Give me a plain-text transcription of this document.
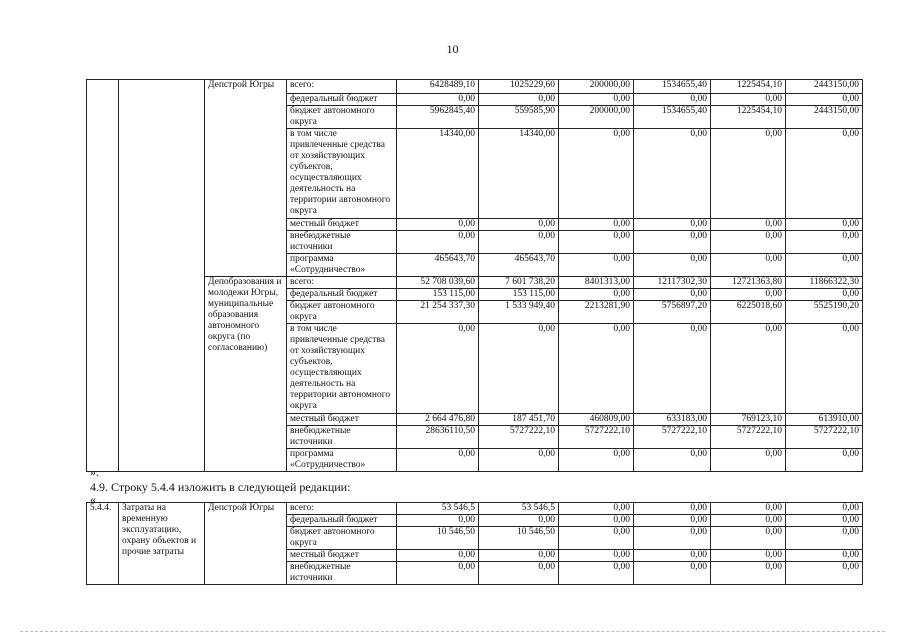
10
		Депстрой Югры	всего:	6428489,10	1025229,60	200000,00	1534655,40	1225454,10	2443150,00
			федеральный бюджет	0,00	0,00	0,00	0,00	0,00	0,00
			бюджет автономного округа	5962845,40	559585,90	200000,00	1534655,40	1225454,10	2443150,00
			в том числе привлеченные средства от хозяйствующих субъектов, осуществляющих деятельность на территории автономного округа	14340,00	14340,00	0,00	0,00	0,00	0,00
			местный бюджет	0,00	0,00	0,00	0,00	0,00	0,00
			внебюджетные источники	0,00	0,00	0,00	0,00	0,00	0,00
			программа «Сотрудничество»	465643,70	465643,70	0,00	0,00	0,00	0,00
		Депобразования и молодежи Югры, муниципальные образования автономного округа (по согласованию)	всего:	52 708 039,60	7 601 738,20	8401313,00	12117302,30	12721363,80	11866322,30
			федеральный бюджет	153 115,00	153 115,00	0,00	0,00	0,00	0,00
			бюджет автономного округа	21 254 337,30	1 533 949,40	2213281,90	5756897,20	6225018,60	5525190,20
			в том числе привлеченные средства от хозяйствующих субъектов, осуществляющих деятельность на территории автономного округа	0,00	0,00	0,00	0,00	0,00	0,00
			местный бюджет	2 664 476,80	187 451,70	460809,00	633183,00	769123,10	613910,00
			внебюджетные источники	28636110,50	5727222,10	5727222,10	5727222,10	5727222,10	5727222,10
			программа «Сотрудничество»	0,00	0,00	0,00	0,00	0,00	0,00
».
4.9. Строку 5.4.4 изложить в следующей редакции:
«
5.4.4.	Затраты на временную эксплуатацию, охрану объектов и прочие затраты	Депстрой Югры	всего:	53 546,5	53 546,5	0,00	0,00	0,00	0,00
			федеральный бюджет	0,00	0,00	0,00	0,00	0,00	0,00
			бюджет автономного округа	10 546,50	10 546,50	0,00	0,00	0,00	0,00
			местный бюджет	0,00	0,00	0,00	0,00	0,00	0,00
			внебюджетные источники	0,00	0,00	0,00	0,00	0,00	0,00
